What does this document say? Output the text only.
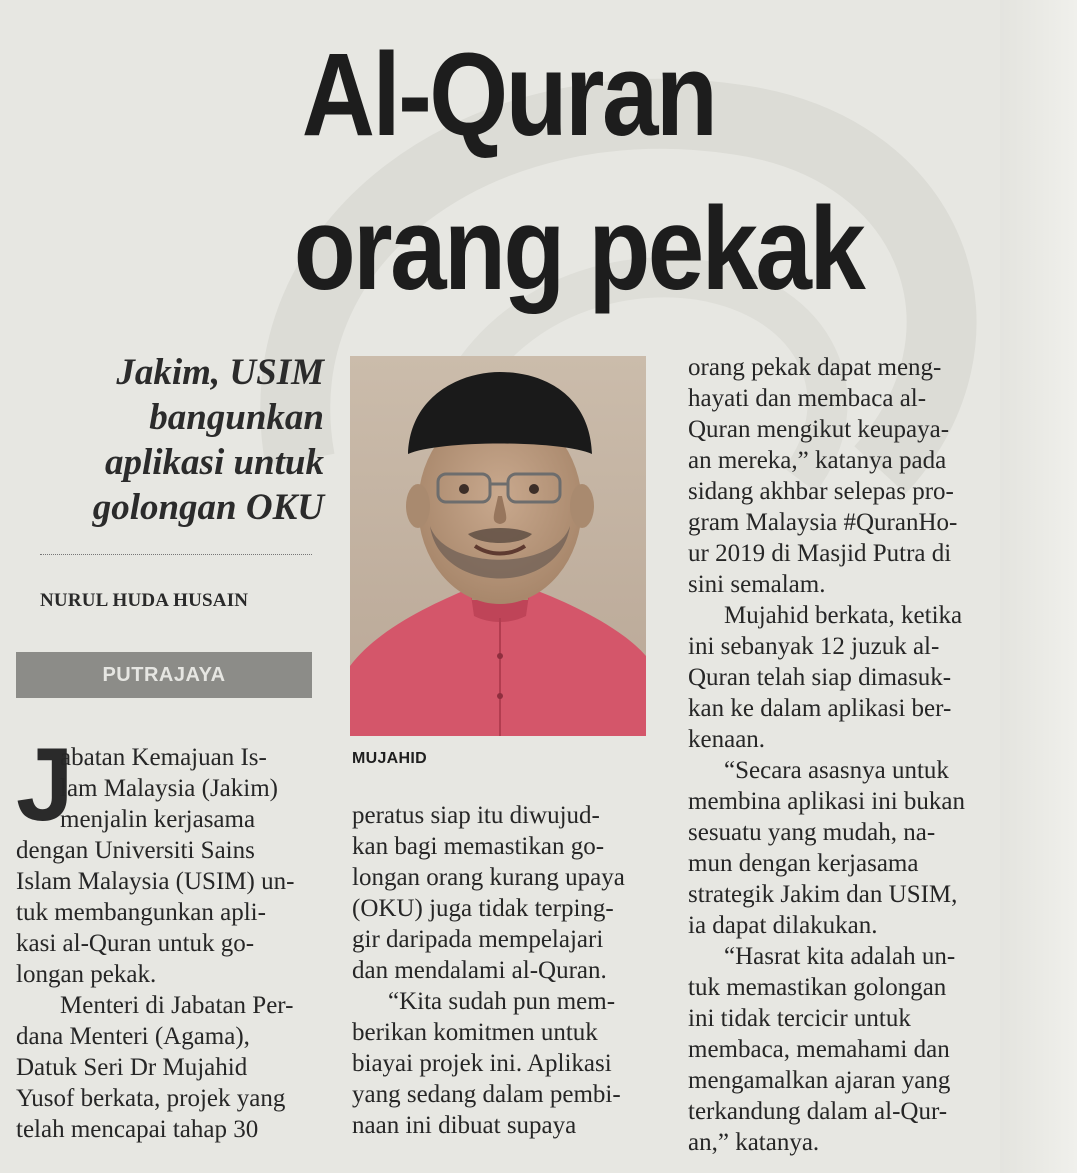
Al-Quran
orang pekak
Jakim, USIM
bangunkan
aplikasi untuk
golongan OKU
NURUL HUDA HUSAIN
PUTRAJAYA
MUJAHID
J
abatan Kemajuan Is-
lam Malaysia (Jakim)
menjalin kerjasama
dengan Universiti Sains
Islam Malaysia (USIM) un-
tuk membangunkan apli-
kasi al-Quran untuk go-
longan pekak.
Menteri di Jabatan Per-
dana Menteri (Agama),
Datuk Seri Dr Mujahid
Yusof berkata, projek yang
telah mencapai tahap 30
peratus siap itu diwujud-
kan bagi memastikan go-
longan orang kurang upaya
(OKU) juga tidak terping-
gir daripada mempelajari
dan mendalami al-Quran.
“Kita sudah pun mem-
berikan komitmen untuk
biayai projek ini. Aplikasi
yang sedang dalam pembi-
naan ini dibuat supaya
orang pekak dapat meng-
hayati dan membaca al-
Quran mengikut keupaya-
an mereka,” katanya pada
sidang akhbar selepas pro-
gram Malaysia #QuranHo-
ur 2019 di Masjid Putra di
sini semalam.
Mujahid berkata, ketika
ini sebanyak 12 juzuk al-
Quran telah siap dimasuk-
kan ke dalam aplikasi ber-
kenaan.
“Secara asasnya untuk
membina aplikasi ini bukan
sesuatu yang mudah, na-
mun dengan kerjasama
strategik Jakim dan USIM,
ia dapat dilakukan.
“Hasrat kita adalah un-
tuk memastikan golongan
ini tidak tercicir untuk
membaca, memahami dan
mengamalkan ajaran yang
terkandung dalam al-Qur-
an,” katanya.
